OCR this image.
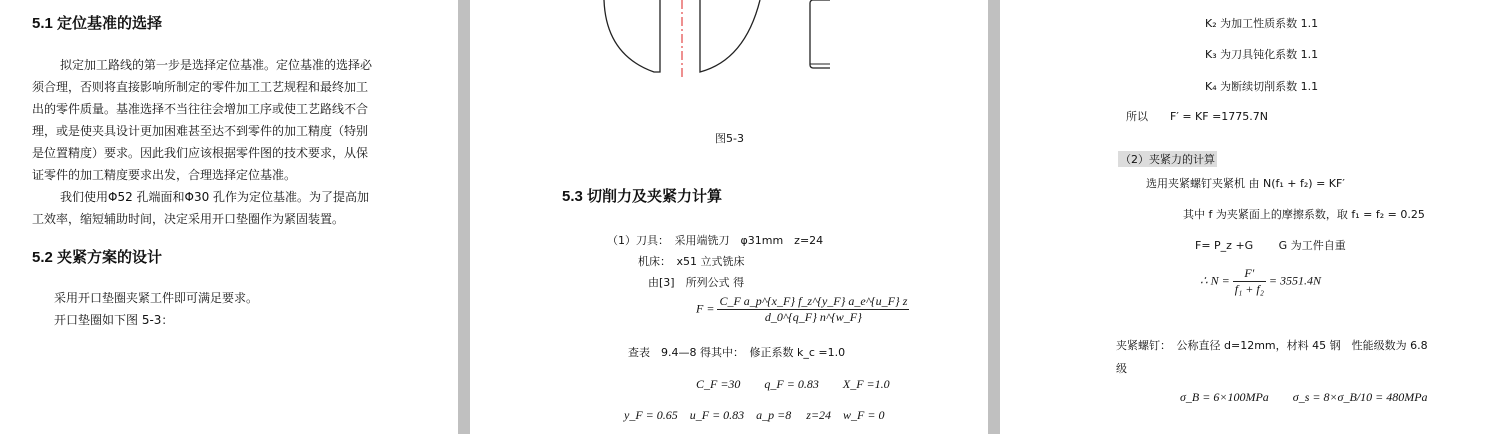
5.1 定位基准的选择
拟定加工路线的第一步是选择定位基准。定位基准的选择必须合理，否则将直接影响所制定的零件加工工艺规程和最终加工出的零件质量。基准选择不当往往会增加工序或使工艺路线不合理，或是使夹具设计更加困难甚至达不到零件的加工精度（特别是位置精度）要求。因此我们应该根据零件图的技术要求，从保证零件的加工精度要求出发，合理选择定位基准。
我们使用Φ52 孔端面和Φ30 孔作为定位基准。为了提高加工效率，缩短辅助时间，决定采用开口垫圈作为紧固装置。
5.2 夹紧方案的设计
采用开口垫圈夹紧工件即可满足要求。
开口垫圈如下图 5-3：
图5-3
5.3 切削力及夹紧力计算
（1）刀具：　采用端铣刀　φ31mm　z=24
机床：　x51 立式铣床
由[3]　所列公式 得
$F = \frac{\text{C\_F a\_p\textasciicircum{}\{x\_F\} f\_z\textasciicircum{}\{y\_F\} a\_e\textasciicircum{}\{u\_F\} z}}{d\_0\^{}\{q\_F\} n\^{}\{w\_F\}}$
查表　9.4—8 得其中：　修正系数 k_c =1.0
C_F =30　　q_F = 0.83　　X_F =1.0
y_F = 0.65　u_F = 0.83　a_p =8　 z=24　w_F = 0
K₂ 为加工性质系数 1.1
K₃ 为刀具钝化系数 1.1
K₄ 为断续切削系数 1.1
所以　　F′ = KF =1775.7N
（2）夹紧力的计算
选用夹紧螺钉夹紧机 由 N(f₁ + f₂) = KF′
其中 f 为夹紧面上的摩擦系数，取 f₁ = f₂ = 0.25
F= P_z +G　　 G 为工件自重
∴ $N = \frac{F'}{\text{f₁ + f₂}} = 3551.4N$
夹紧螺钉：　公称直径 d=12mm，材料 45 钢　性能级数为 6.8
级
σ_B = 6×100MPa　　σ_s = 8×σ_B/10 = 480MPa
